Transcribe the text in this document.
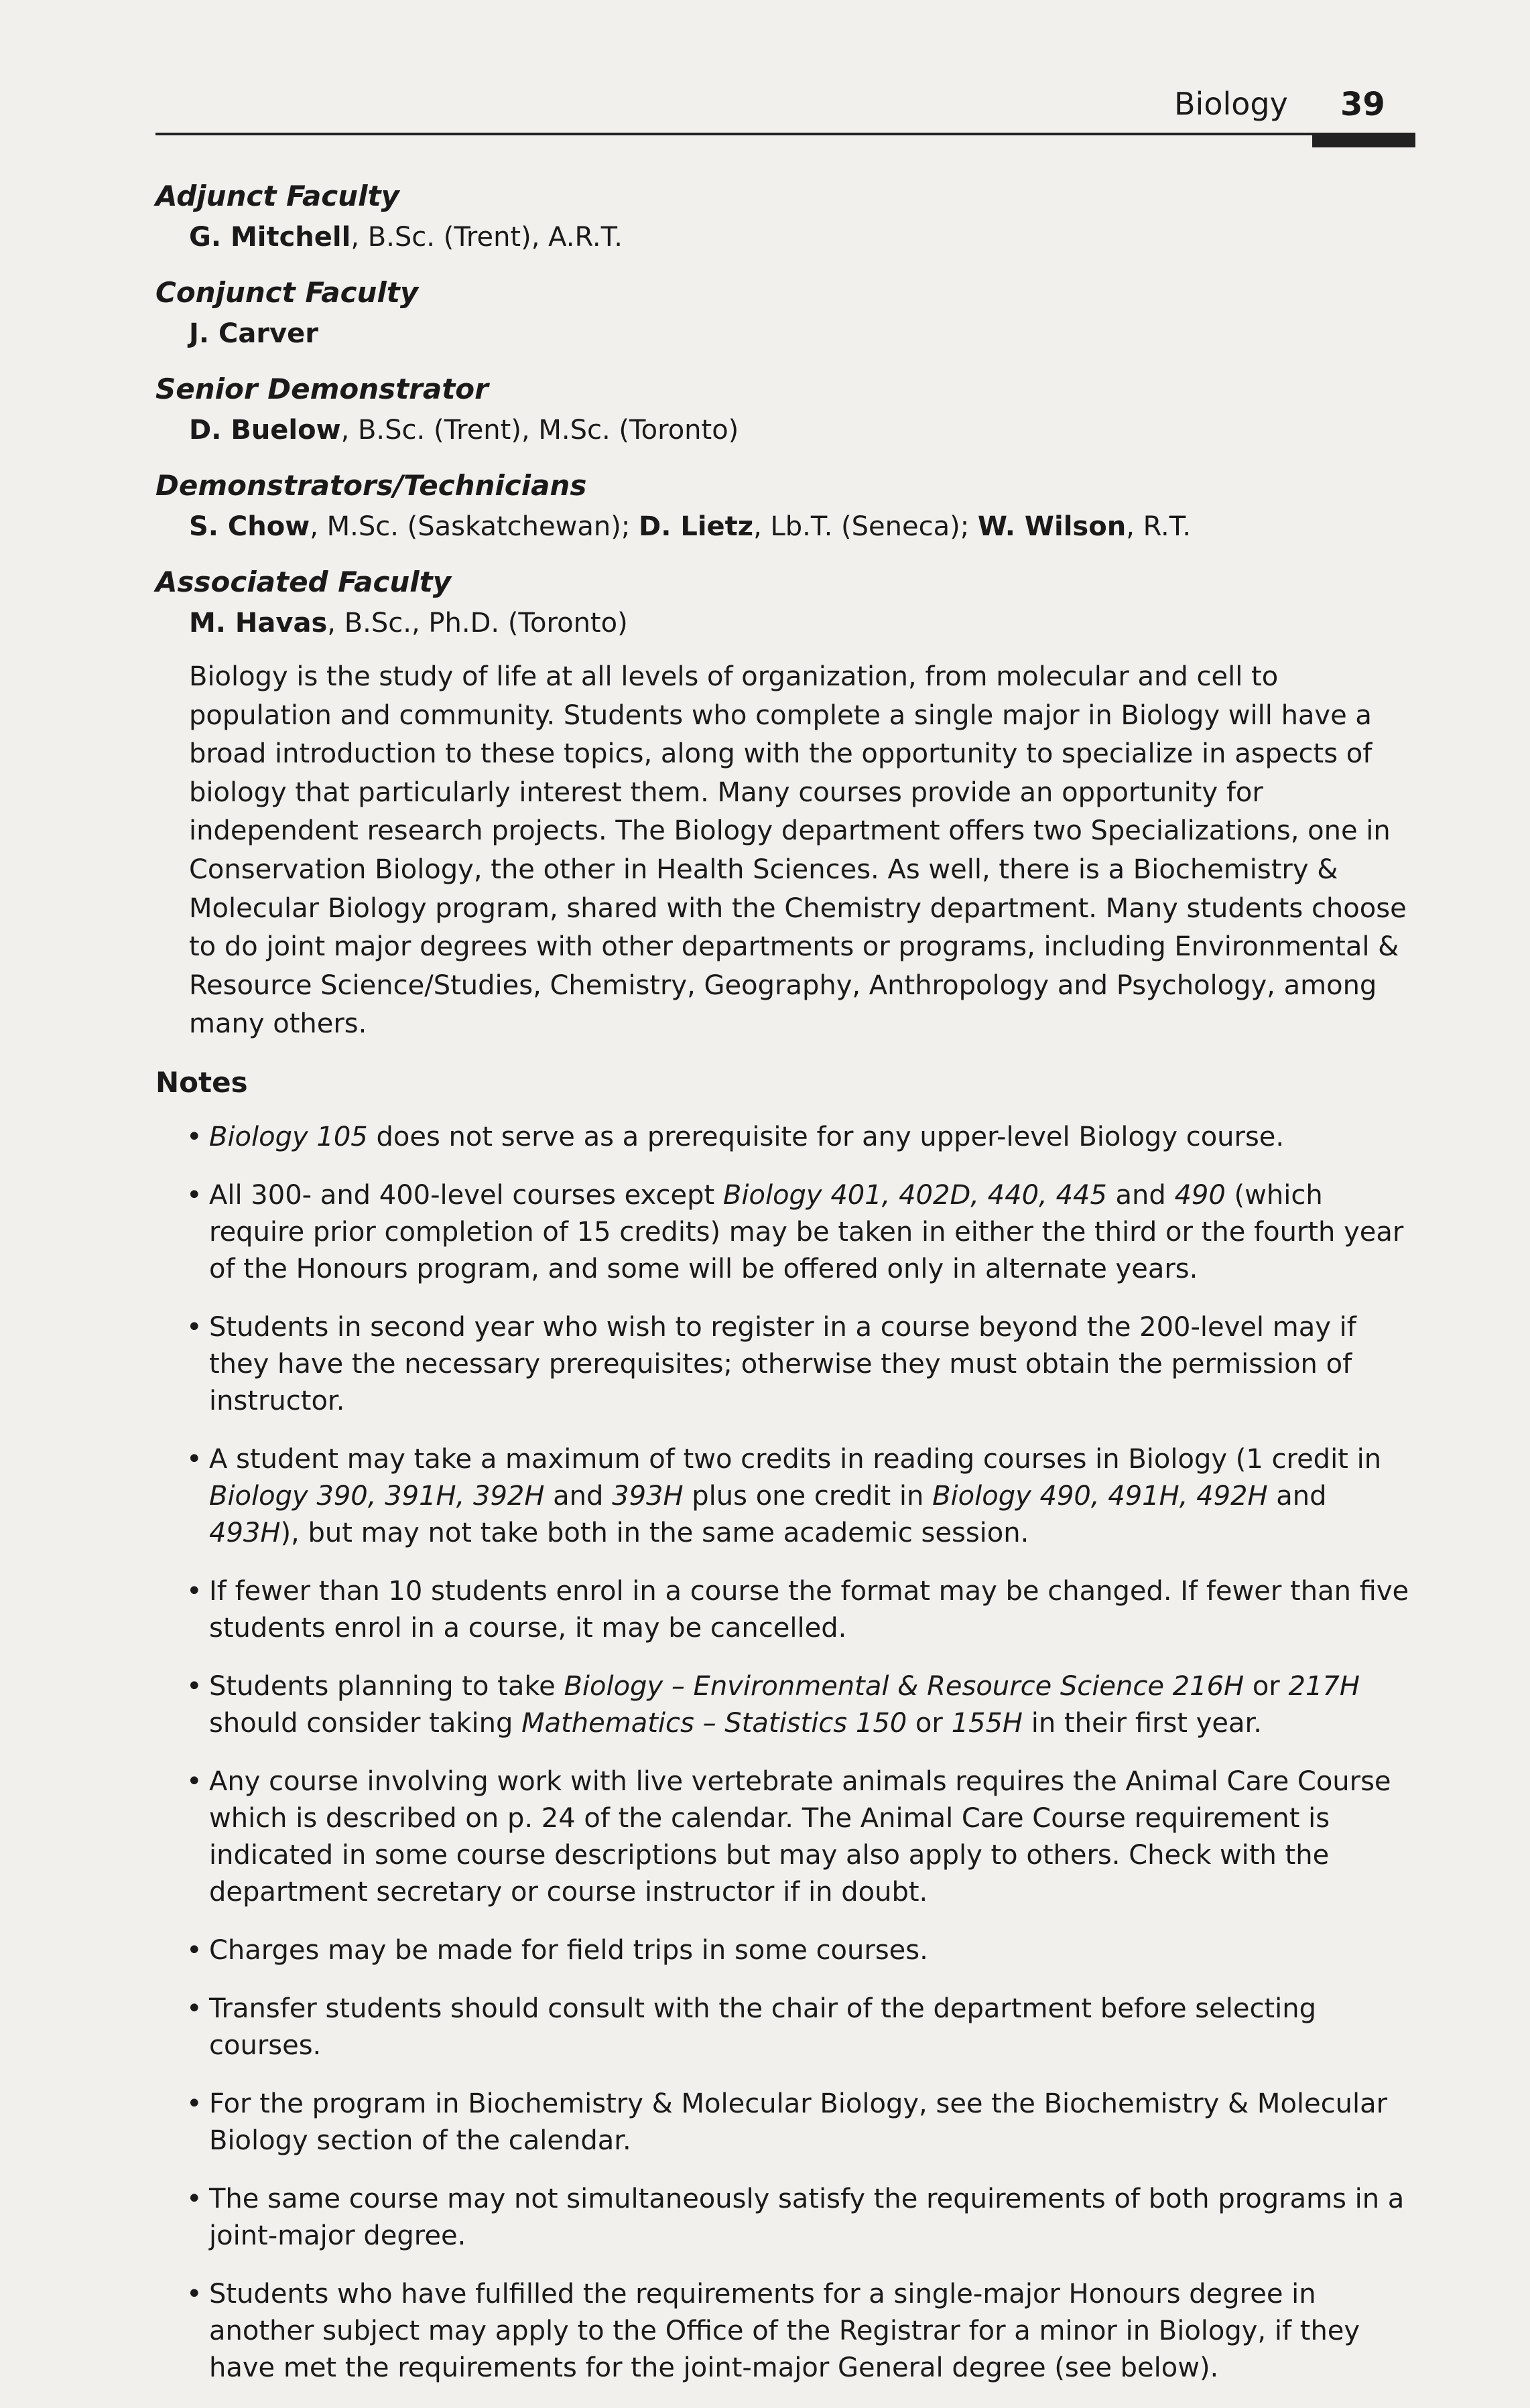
Biology 39
Adjunct Faculty
G. Mitchell, B.Sc. (Trent), A.R.T.
Conjunct Faculty
J. Carver
Senior Demonstrator
D. Buelow, B.Sc. (Trent), M.Sc. (Toronto)
Demonstrators/Technicians
S. Chow, M.Sc. (Saskatchewan); D. Lietz, Lb.T. (Seneca); W. Wilson, R.T.
Associated Faculty
M. Havas, B.Sc., Ph.D. (Toronto)

Biology is the study of life at all levels of organization, from molecular and cell to population and community. Students who complete a single major in Biology will have a broad introduction to these topics, along with the opportunity to specialize in aspects of biology that particularly interest them. Many courses provide an opportunity for independent research projects. The Biology department offers two Specializations, one in Conservation Biology, the other in Health Sciences. As well, there is a Biochemistry & Molecular Biology program, shared with the Chemistry department. Many students choose to do joint major degrees with other departments or programs, including Environmental & Resource Science/Studies, Chemistry, Geography, Anthropology and Psychology, among many others.

Notes
• Biology 105 does not serve as a prerequisite for any upper-level Biology course.
• All 300- and 400-level courses except Biology 401, 402D, 440, 445 and 490 (which require prior completion of 15 credits) may be taken in either the third or the fourth year of the Honours program, and some will be offered only in alternate years.
• Students in second year who wish to register in a course beyond the 200-level may if they have the necessary prerequisites; otherwise they must obtain the permission of instructor.
• A student may take a maximum of two credits in reading courses in Biology (1 credit in Biology 390, 391H, 392H and 393H plus one credit in Biology 490, 491H, 492H and 493H), but may not take both in the same academic session.
• If fewer than 10 students enrol in a course the format may be changed. If fewer than five students enrol in a course, it may be cancelled.
• Students planning to take Biology – Environmental & Resource Science 216H or 217H should consider taking Mathematics – Statistics 150 or 155H in their first year.
• Any course involving work with live vertebrate animals requires the Animal Care Course which is described on p. 24 of the calendar. The Animal Care Course requirement is indicated in some course descriptions but may also apply to others. Check with the department secretary or course instructor if in doubt.
• Charges may be made for field trips in some courses.
• Transfer students should consult with the chair of the department before selecting courses.
• For the program in Biochemistry & Molecular Biology, see the Biochemistry & Molecular Biology section of the calendar.
• The same course may not simultaneously satisfy the requirements of both programs in a joint-major degree.
• Students who have fulfilled the requirements for a single-major Honours degree in another subject may apply to the Office of the Registrar for a minor in Biology, if they have met the requirements for the joint-major General degree (see below).
